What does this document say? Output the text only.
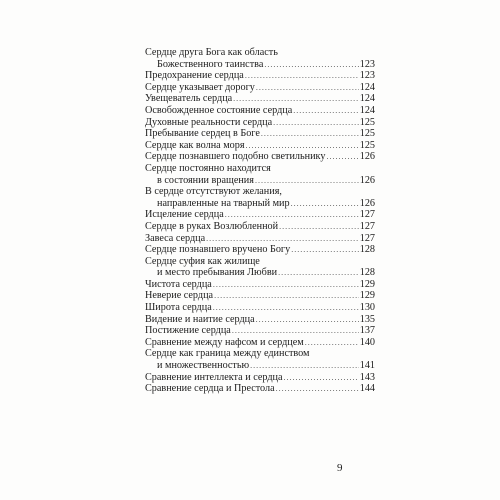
Сердце друга Бога как область
Божественного таинства .....	123
Предохранение сердца .....	123
Сердце указывает дорогу .....	124
Увещеватель сердца .....	124
Освобожденное состояние сердца .....	124
Духовные реальности сердца .....	125
Пребывание сердец в Боге .....	125
Сердце как волна моря .....	125
Сердце познавшего подобно светильнику .....	126
Сердце постоянно находится
в состоянии вращения .....	126
В сердце отсутствуют желания,
направленные на тварный мир .....	126
Исцеление сердца .....	127
Сердце в руках Возлюбленной .....	127
Завеса сердца .....	127
Сердце познавшего вручено Богу .....	128
Сердце суфия как жилище
и место пребывания Любви .....	128
Чистота сердца .....	129
Неверие сердца .....	129
Широта сердца .....	130
Видение и наитие сердца .....	135
Постижение сердца .....	137
Сравнение между нафсом и сердцем .....	140
Сердце как граница между единством
и множественностью .....	141
Сравнение интеллекта и сердца .....	143
Сравнение сердца и Престола .....	144
9
